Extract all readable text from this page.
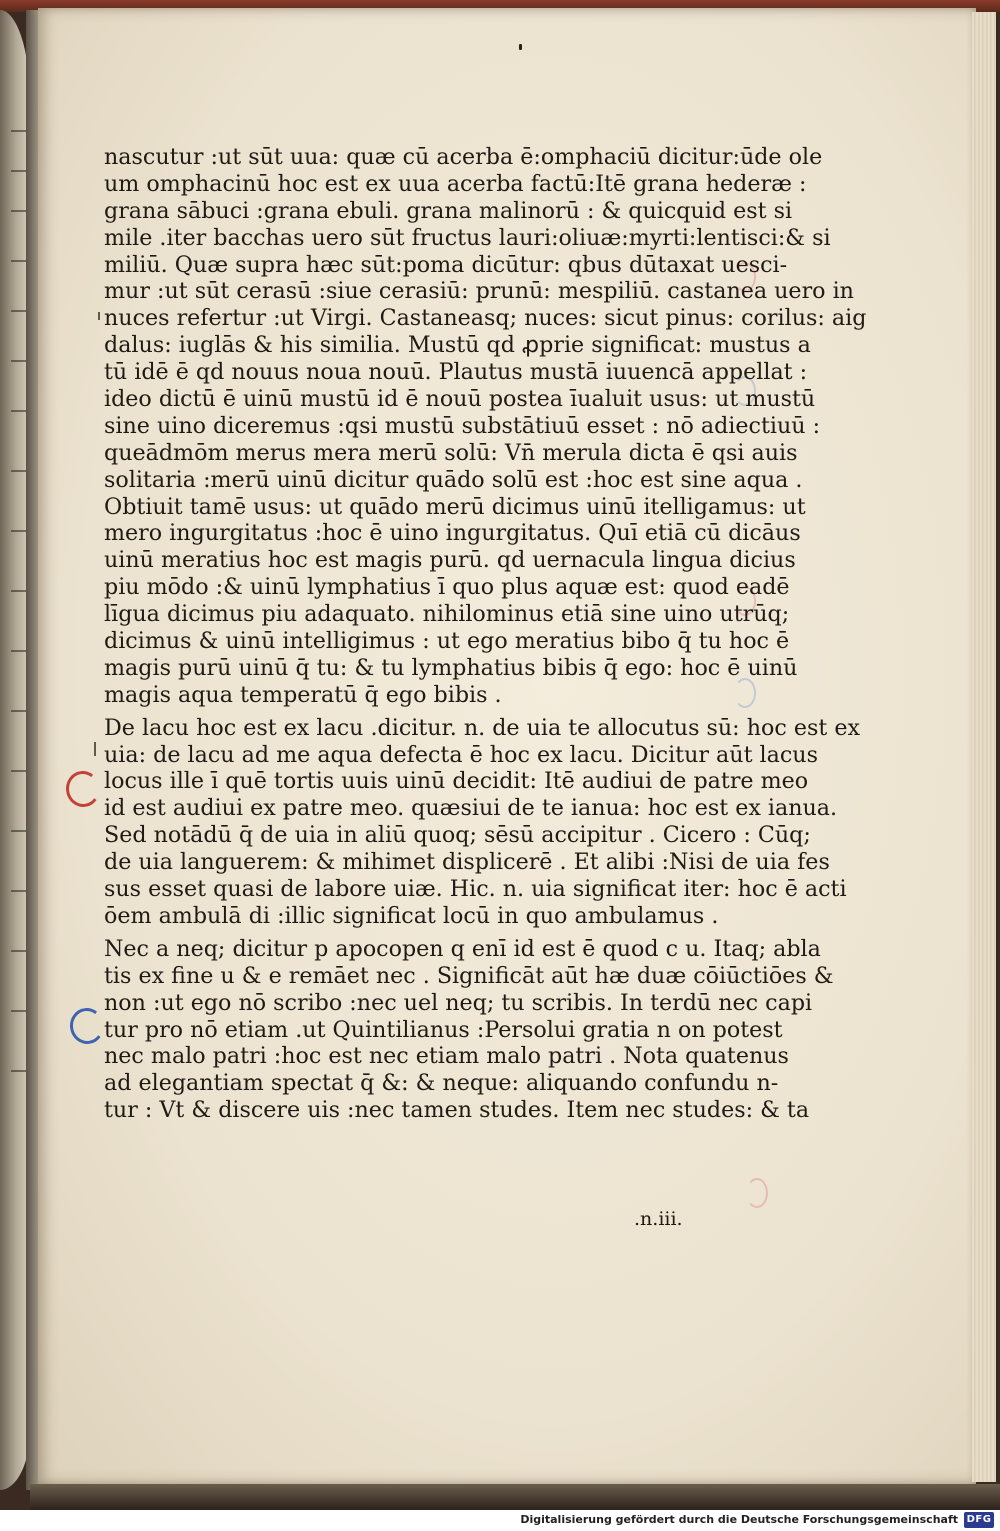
nascutur :ut sūt uua: quæ cū acerba ē:omphaciū dicitur:ūde ole
um omphacinū hoc est ex uua acerba factū:Itē grana hederæ :
grana sābuci :grana ebuli. grana malinorū : & quicquid est si
mile .iter bacchas uero sūt fructus lauri:oliuæ:myrti:lentisci:& si
miliū. Quæ supra hæc sūt:poma dicūtur: qbus dūtaxat uesci-
mur :ut sūt cerasū :siue cerasiū: prunū: mespiliū. castanea uero in
nuces refertur :ut Virgi. Castaneasq; nuces: sicut pinus: corilus: aig
dalus: iuglās & his similia. Mustū qd ꝓprie significat: mustus a
tū idē ē qd nouus noua nouū. Plautus mustā iuuencā appellat :
ideo dictū ē uinū mustū id ē nouū postea īualuit usus: ut mustū
sine uino diceremus :qsi mustū substātiuū esset : nō adiectiuū :
queādmōm merus mera merū solū: Vn̄ merula dicta ē qsi auis
solitaria :merū uinū dicitur quādo solū est :hoc est sine aqua .
Obtiuit tamē usus: ut quādo merū dicimus uinū itelligamus: ut
mero ingurgitatus :hoc ē uino ingurgitatus. Quī etiā cū dicāus
uinū meratius hoc est magis purū. qd uernacula lingua dicius
piu mōdo :& uinū lymphatius ī quo plus aquæ est: quod eadē
līgua dicimus piu adaquato. nihilominus etiā sine uino utrūq;
dicimus & uinū intelligimus : ut ego meratius bibo q̄ tu hoc ē
magis purū uinū q̄ tu: & tu lymphatius bibis q̄ ego: hoc ē uinū
magis aqua temperatū q̄ ego bibis .
De lacu hoc est ex lacu .dicitur. n. de uia te allocutus sū: hoc est ex
uia: de lacu ad me aqua defecta ē hoc ex lacu. Dicitur aūt lacus
locus ille ī quē tortis uuis uinū decidit: Itē audiui de patre meo
id est audiui ex patre meo. quæsiui de te ianua: hoc est ex ianua.
Sed notādū q̄ de uia in aliū quoq; sēsū accipitur . Cicero : Cūq;
de uia languerem: & mihimet displicerē . Et alibi :Nisi de uia fes
sus esset quasi de labore uiæ. Hic. n. uia significat iter: hoc ē acti
ōem ambulā di :illic significat locū in quo ambulamus .
Nec a neq; dicitur p apocopen q enī id est ē quod c u. Itaq; abla
tis ex fine u & e remāet nec . Significāt aūt hæ duæ cōiūctiōes &
non :ut ego nō scribo :nec uel neq; tu scribis. In terdū nec capi
tur pro nō etiam .ut Quintilianus :Persolui gratia n on potest
nec malo patri :hoc est nec etiam malo patri . Nota quatenus
ad elegantiam spectat q̄ &: & neque: aliquando confundu n-
tur : Vt & discere uis :nec tamen studes. Item nec studes: & ta
.n.iii.
Digitalisierung gefördert durch die Deutsche Forschungsgemeinschaft DFG
